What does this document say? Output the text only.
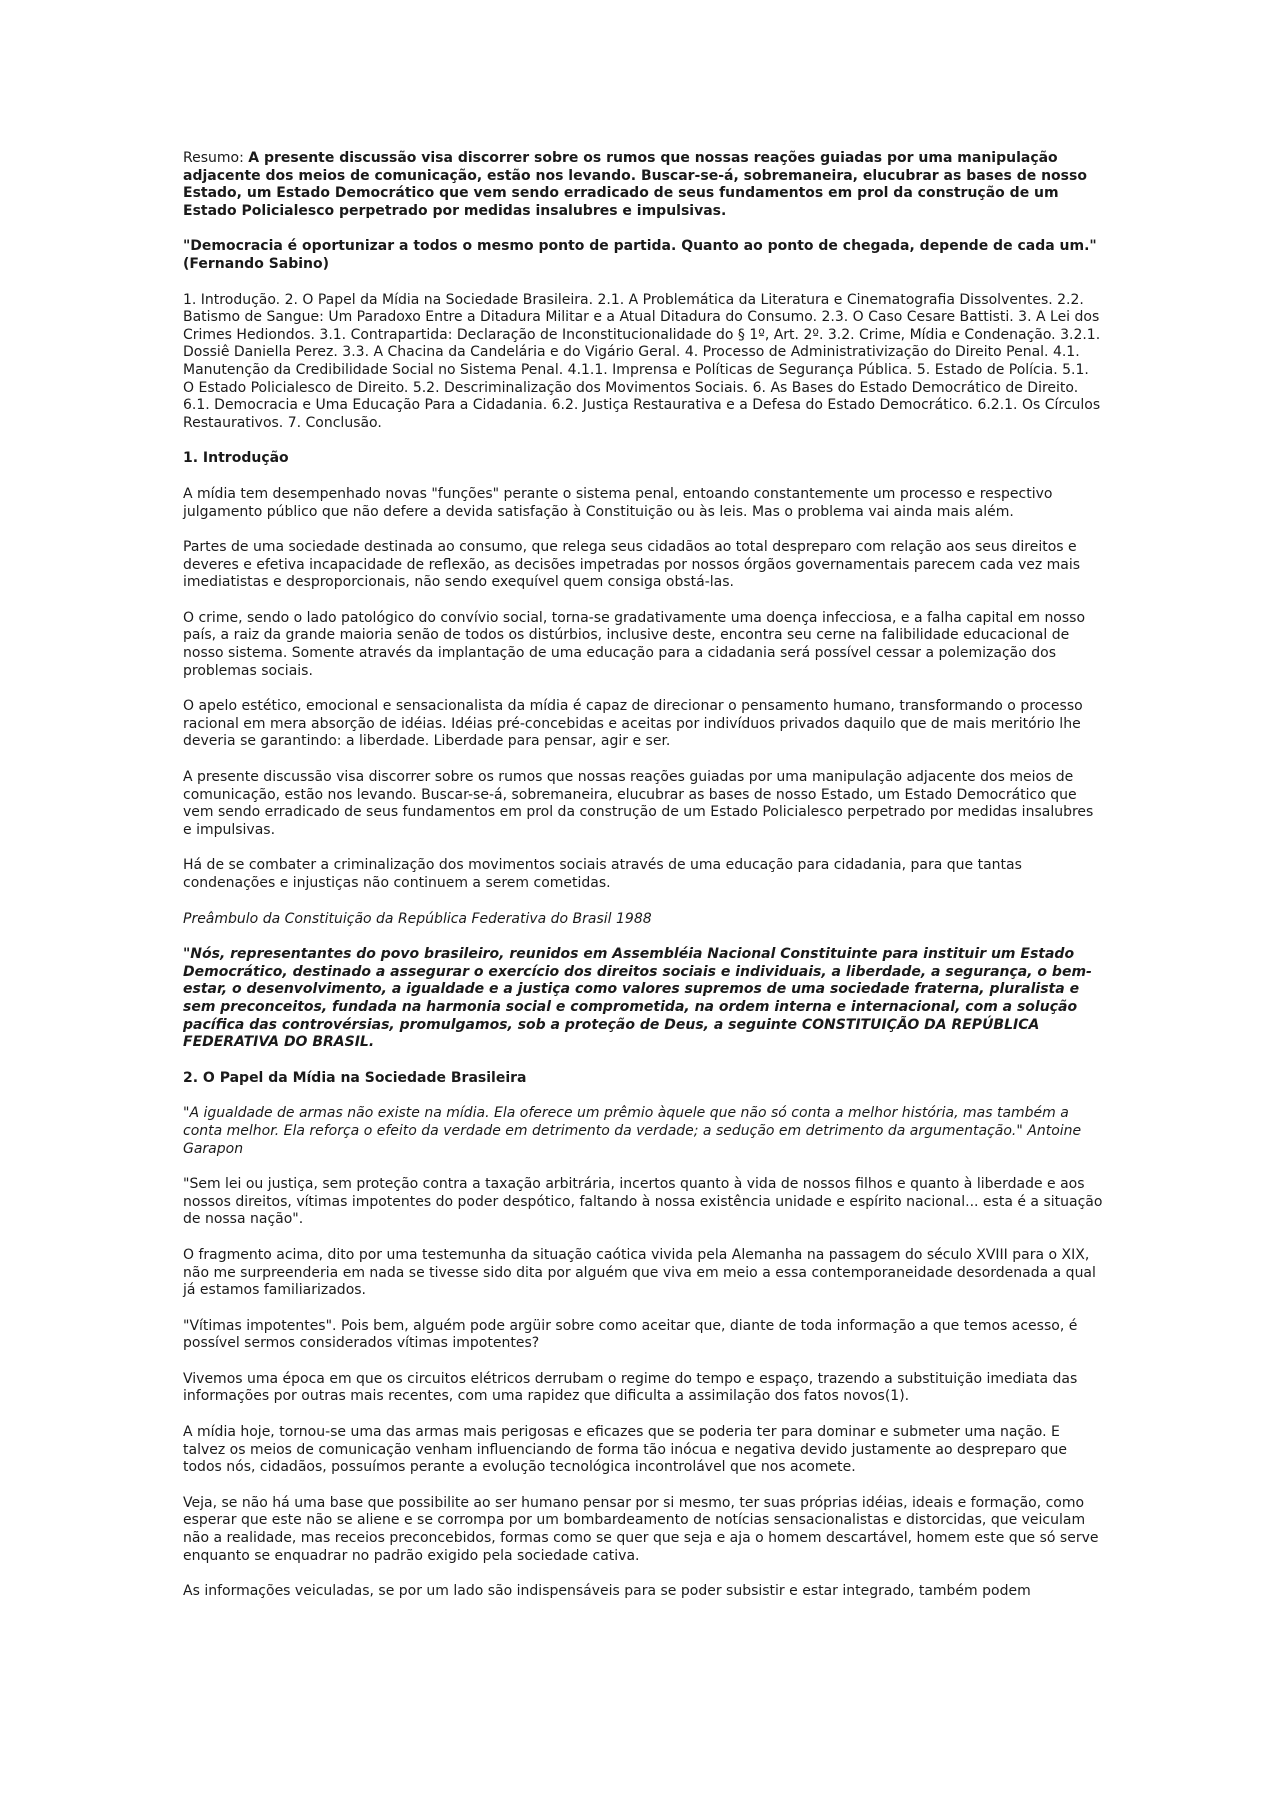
Resumo: A presente discussão visa discorrer sobre os rumos que nossas reações guiadas por uma manipulação adjacente dos meios de comunicação, estão nos levando. Buscar-se-á, sobremaneira, elucubrar as bases de nosso Estado, um Estado Democrático que vem sendo erradicado de seus fundamentos em prol da construção de um Estado Policialesco perpetrado por medidas insalubres e impulsivas.

"Democracia é oportunizar a todos o mesmo ponto de partida. Quanto ao ponto de chegada, depende de cada um." (Fernando Sabino)

1. Introdução. 2. O Papel da Mídia na Sociedade Brasileira. 2.1. A Problemática da Literatura e Cinematografia Dissolventes. 2.2. Batismo de Sangue: Um Paradoxo Entre a Ditadura Militar e a Atual Ditadura do Consumo. 2.3. O Caso Cesare Battisti. 3. A Lei dos Crimes Hediondos. 3.1. Contrapartida: Declaração de Inconstitucionalidade do § 1º, Art. 2º. 3.2. Crime, Mídia e Condenação. 3.2.1. Dossiê Daniella Perez. 3.3. A Chacina da Candelária e do Vigário Geral. 4. Processo de Administrativização do Direito Penal. 4.1. Manutenção da Credibilidade Social no Sistema Penal. 4.1.1. Imprensa e Políticas de Segurança Pública. 5. Estado de Polícia. 5.1. O Estado Policialesco de Direito. 5.2. Descriminalização dos Movimentos Sociais. 6. As Bases do Estado Democrático de Direito. 6.1. Democracia e Uma Educação Para a Cidadania. 6.2. Justiça Restaurativa e a Defesa do Estado Democrático. 6.2.1. Os Círculos Restaurativos. 7. Conclusão.

1. Introdução

A mídia tem desempenhado novas "funções" perante o sistema penal, entoando constantemente um processo e respectivo julgamento público que não defere a devida satisfação à Constituição ou às leis. Mas o problema vai ainda mais além.

Partes de uma sociedade destinada ao consumo, que relega seus cidadãos ao total despreparo com relação aos seus direitos e deveres e efetiva incapacidade de reflexão, as decisões impetradas por nossos órgãos governamentais parecem cada vez mais imediatistas e desproporcionais, não sendo exequível quem consiga obstá-las.

O crime, sendo o lado patológico do convívio social, torna-se gradativamente uma doença infecciosa, e a falha capital em nosso país, a raiz da grande maioria senão de todos os distúrbios, inclusive deste, encontra seu cerne na falibilidade educacional de nosso sistema. Somente através da implantação de uma educação para a cidadania será possível cessar a polemização dos problemas sociais.

O apelo estético, emocional e sensacionalista da mídia é capaz de direcionar o pensamento humano, transformando o processo racional em mera absorção de idéias. Idéias pré-concebidas e aceitas por indivíduos privados daquilo que de mais meritório lhe deveria se garantindo: a liberdade. Liberdade para pensar, agir e ser.

A presente discussão visa discorrer sobre os rumos que nossas reações guiadas por uma manipulação adjacente dos meios de comunicação, estão nos levando. Buscar-se-á, sobremaneira, elucubrar as bases de nosso Estado, um Estado Democrático que vem sendo erradicado de seus fundamentos em prol da construção de um Estado Policialesco perpetrado por medidas insalubres e impulsivas.

Há de se combater a criminalização dos movimentos sociais através de uma educação para cidadania, para que tantas condenações e injustiças não continuem a serem cometidas.

Preâmbulo da Constituição da República Federativa do Brasil 1988

"Nós, representantes do povo brasileiro, reunidos em Assembléia Nacional Constituinte para instituir um Estado Democrático, destinado a assegurar o exercício dos direitos sociais e individuais, a liberdade, a segurança, o bem-estar, o desenvolvimento, a igualdade e a justiça como valores supremos de uma sociedade fraterna, pluralista e sem preconceitos, fundada na harmonia social e comprometida, na ordem interna e internacional, com a solução pacífica das controvérsias, promulgamos, sob a proteção de Deus, a seguinte CONSTITUIÇÃO DA REPÚBLICA FEDERATIVA DO BRASIL.

2. O Papel da Mídia na Sociedade Brasileira

"A igualdade de armas não existe na mídia. Ela oferece um prêmio àquele que não só conta a melhor história, mas também a conta melhor. Ela reforça o efeito da verdade em detrimento da verdade; a sedução em detrimento da argumentação." Antoine Garapon

"Sem lei ou justiça, sem proteção contra a taxação arbitrária, incertos quanto à vida de nossos filhos e quanto à liberdade e aos nossos direitos, vítimas impotentes do poder despótico, faltando à nossa existência unidade e espírito nacional... esta é a situação de nossa nação".

O fragmento acima, dito por uma testemunha da situação caótica vivida pela Alemanha na passagem do século XVIII para o XIX, não me surpreenderia em nada se tivesse sido dita por alguém que viva em meio a essa contemporaneidade desordenada a qual já estamos familiarizados.

"Vítimas impotentes". Pois bem, alguém pode argüir sobre como aceitar que, diante de toda informação a que temos acesso, é possível sermos considerados vítimas impotentes?

Vivemos uma época em que os circuitos elétricos derrubam o regime do tempo e espaço, trazendo a substituição imediata das informações por outras mais recentes, com uma rapidez que dificulta a assimilação dos fatos novos(1).

A mídia hoje, tornou-se uma das armas mais perigosas e eficazes que se poderia ter para dominar e submeter uma nação. E talvez os meios de comunicação venham influenciando de forma tão inócua e negativa devido justamente ao despreparo que todos nós, cidadãos, possuímos perante a evolução tecnológica incontrolável que nos acomete.

Veja, se não há uma base que possibilite ao ser humano pensar por si mesmo, ter suas próprias idéias, ideais e formação, como esperar que este não se aliene e se corrompa por um bombardeamento de notícias sensacionalistas e distorcidas, que veiculam não a realidade, mas receios preconcebidos, formas como se quer que seja e aja o homem descartável, homem este que só serve enquanto se enquadrar no padrão exigido pela sociedade cativa.

As informações veiculadas, se por um lado são indispensáveis para se poder subsistir e estar integrado, também podem
